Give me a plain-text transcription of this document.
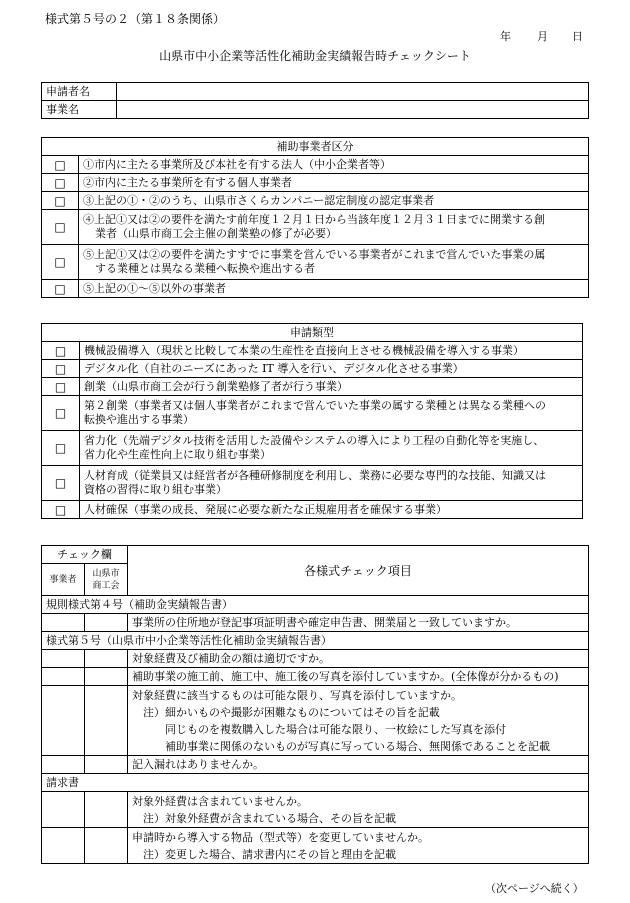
様式第５号の２（第１８条関係）
年 月 日
山県市中小企業等活性化補助金実績報告時チェックシート
申請者名	
事業名	
補助事業者区分	
□	①市内に主たる事業所及び本社を有する法人（中小企業者等）
□	②市内に主たる事業所を有する個人事業者
□	③上記の①・②のうち、山県市さくらカンパニー認定制度の認定事業者
□	④上記①又は②の要件を満たす前年度１２月１日から当該年度１２月３１日までに開業する創
業者（山県市商工会主催の創業塾の修了が必要）

□	⑤上記①又は②の要件を満たすすでに事業を営んでいる事業者がこれまで営んでいた事業の属
する業種とは異なる業種へ転換や進出する者

□	⑤上記の①～⑤以外の事業者
申請類型	
□	機械設備導入（現状と比較して本業の生産性を直接向上させる機械設備を導入する事業）
□	デジタル化（自社のニーズにあった IT 導入を行い、デジタル化させる事業）
□	創業（山県市商工会が行う創業塾修了者が行う事業）
□	第２創業（事業者又は個人事業者がこれまで営んでいた事業の属する業種とは異なる業種への
転換や進出する事業）

□	省力化（先端デジタル技術を活用した設備やシステムの導入により工程の自動化等を実施し、
省力化や生産性向上に取り組む事業）

□	人材育成（従業員又は経営者が各種研修制度を利用し、業務に必要な専門的な技能、知識又は
資格の習得に取り組む事業）

□	人材確保（事業の成長、発展に必要な新たな正規雇用者を確保する事業）
チェック欄		各様式チェック項目
事業者	山県市
商工会	

規則様式第４号（補助金実績報告書）		
		事業所の住所地が登記事項証明書や確定申告書、開業届と一致していますか。
様式第５号（山県市中小企業等活性化補助金実績報告書）		
		対象経費及び補助金の額は適切ですか。
		補助事業の施工前、施工中、施工後の写真を添付していますか。(全体像が分かるもの)

		対象経費に該当するものは可能な限り、写真を添付していますか。
　注）細かいものや撮影が困難なものについてはその旨を記載
　　　同じものを複数購入した場合は可能な限り、一枚絵にした写真を添付
　　　補助事業に関係のないものが写真に写っている場合、無関係であることを記載

		記入漏れはありませんか。
請求書		

		対象外経費は含まれていませんか。
　注）対象外経費が含まれている場合、その旨を記載

		申請時から導入する物品（型式等）を変更していませんか。
　注）変更した場合、請求書内にその旨と理由を記載
（次ページへ続く）
